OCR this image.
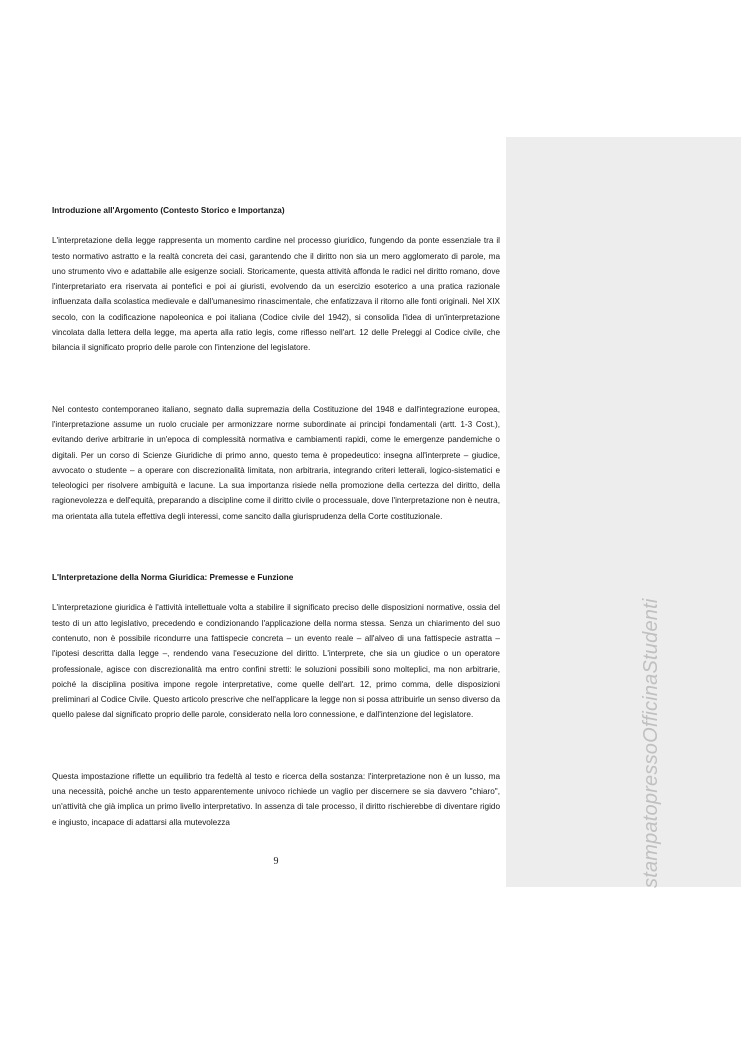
Introduzione all'Argomento (Contesto Storico e Importanza)

L'interpretazione della legge rappresenta un momento cardine nel processo giuridico, fungendo da ponte essenziale tra il testo normativo astratto e la realtà concreta dei casi, garantendo che il diritto non sia un mero agglomerato di parole, ma uno strumento vivo e adattabile alle esigenze sociali. Storicamente, questa attività affonda le radici nel diritto romano, dove l'interpretariato era riservata ai pontefici e poi ai giuristi, evolvendo da un esercizio esoterico a una pratica razionale influenzata dalla scolastica medievale e dall'umanesimo rinascimentale, che enfatizzava il ritorno alle fonti originali. Nel XIX secolo, con la codificazione napoleonica e poi italiana (Codice civile del 1942), si consolida l'idea di un'interpretazione vincolata dalla lettera della legge, ma aperta alla ratio legis, come riflesso nell'art. 12 delle Preleggi al Codice civile, che bilancia il significato proprio delle parole con l'intenzione del legislatore.

Nel contesto contemporaneo italiano, segnato dalla supremazia della Costituzione del 1948 e dall'integrazione europea, l'interpretazione assume un ruolo cruciale per armonizzare norme subordinate ai principi fondamentali (artt. 1-3 Cost.), evitando derive arbitrarie in un'epoca di complessità normativa e cambiamenti rapidi, come le emergenze pandemiche o digitali. Per un corso di Scienze Giuridiche di primo anno, questo tema è propedeutico: insegna all'interprete – giudice, avvocato o studente – a operare con discrezionalità limitata, non arbitraria, integrando criteri letterali, logico-sistematici e teleologici per risolvere ambiguità e lacune. La sua importanza risiede nella promozione della certezza del diritto, della ragionevolezza e dell'equità, preparando a discipline come il diritto civile o processuale, dove l'interpretazione non è neutra, ma orientata alla tutela effettiva degli interessi, come sancito dalla giurisprudenza della Corte costituzionale.

L'Interpretazione della Norma Giuridica: Premesse e Funzione

L'interpretazione giuridica è l'attività intellettuale volta a stabilire il significato preciso delle disposizioni normative, ossia del testo di un atto legislativo, precedendo e condizionando l'applicazione della norma stessa. Senza un chiarimento del suo contenuto, non è possibile ricondurre una fattispecie concreta – un evento reale – all'alveo di una fattispecie astratta – l'ipotesi descritta dalla legge –, rendendo vana l'esecuzione del diritto. L'interprete, che sia un giudice o un operatore professionale, agisce con discrezionalità ma entro confini stretti: le soluzioni possibili sono molteplici, ma non arbitrarie, poiché la disciplina positiva impone regole interpretative, come quelle dell'art. 12, primo comma, delle disposizioni preliminari al Codice Civile. Questo articolo prescrive che nell'applicare la legge non si possa attribuirle un senso diverso da quello palese dal significato proprio delle parole, considerato nella loro connessione, e dall'intenzione del legislatore.

Questa impostazione riflette un equilibrio tra fedeltà al testo e ricerca della sostanza: l'interpretazione non è un lusso, ma una necessità, poiché anche un testo apparentemente univoco richiede un vaglio per discernere se sia davvero "chiaro", un'attività che già implica un primo livello interpretativo. In assenza di tale processo, il diritto rischierebbe di diventare rigido e ingiusto, incapace di adattarsi alla mutevolezza

9	stampatopressoOfficinaStudenti
